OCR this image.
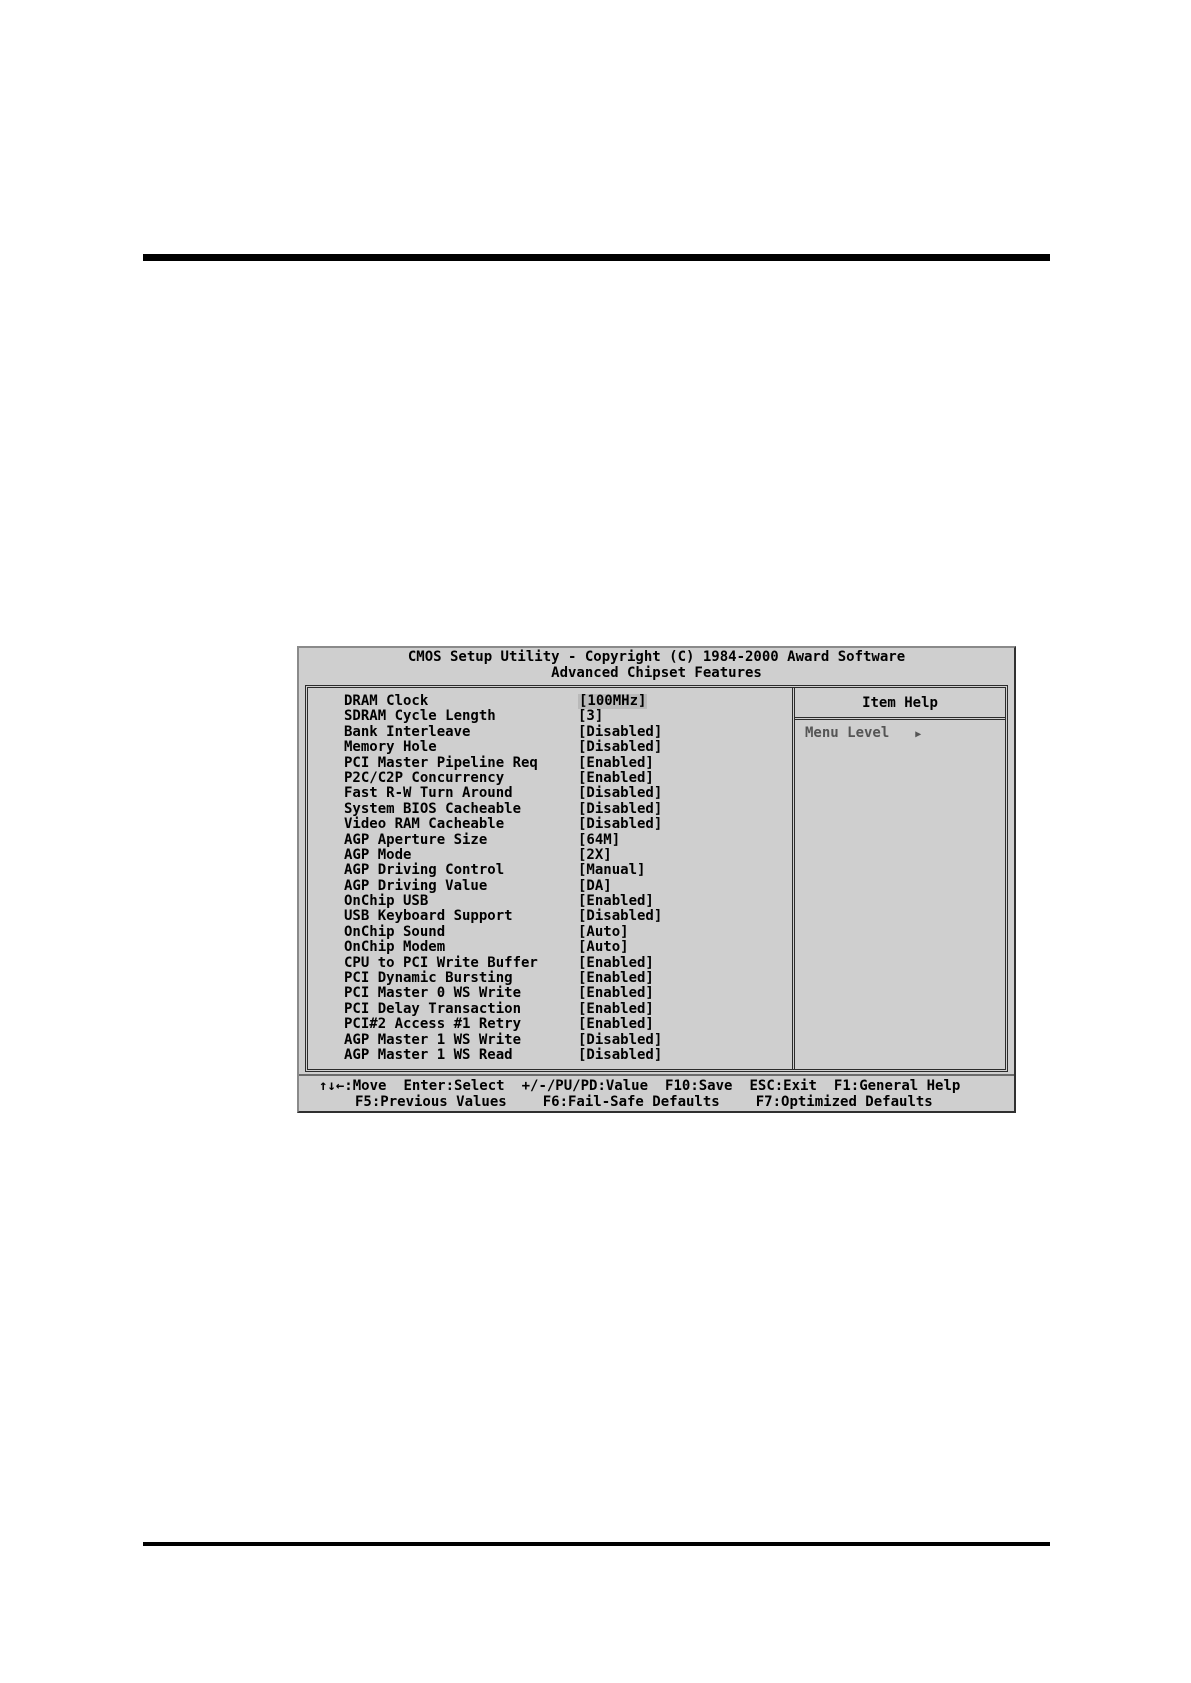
CMOS Setup Utility - Copyright (C) 1984-2000 Award Software
Advanced Chipset Features
DRAM Clock	[100MHz]
SDRAM Cycle Length	[3]
Bank Interleave	[Disabled]
Memory Hole	[Disabled]
PCI Master Pipeline Req	[Enabled]
P2C/C2P Concurrency	[Enabled]
Fast R-W Turn Around	[Disabled]
System BIOS Cacheable	[Disabled]
Video RAM Cacheable	[Disabled]
AGP Aperture Size	[64M]
AGP Mode	[2X]
AGP Driving Control	[Manual]
AGP Driving Value	[DA]
OnChip USB	[Enabled]
USB Keyboard Support	[Disabled]
OnChip Sound	[Auto]
OnChip Modem	[Auto]
CPU to PCI Write Buffer	[Enabled]
PCI Dynamic Bursting	[Enabled]
PCI Master 0 WS Write	[Enabled]
PCI Delay Transaction	[Enabled]
PCI#2 Access #1 Retry	[Enabled]
AGP Master 1 WS Write	[Disabled]
AGP Master 1 WS Read	[Disabled]
Item Help
Menu Level	▶
↑↓←:Move Enter:Select +/-/PU/PD:Value F10:Save ESC:Exit F1:General Help
F5:Previous Values	F6:Fail-Safe Defaults	F7:Optimized Defaults
